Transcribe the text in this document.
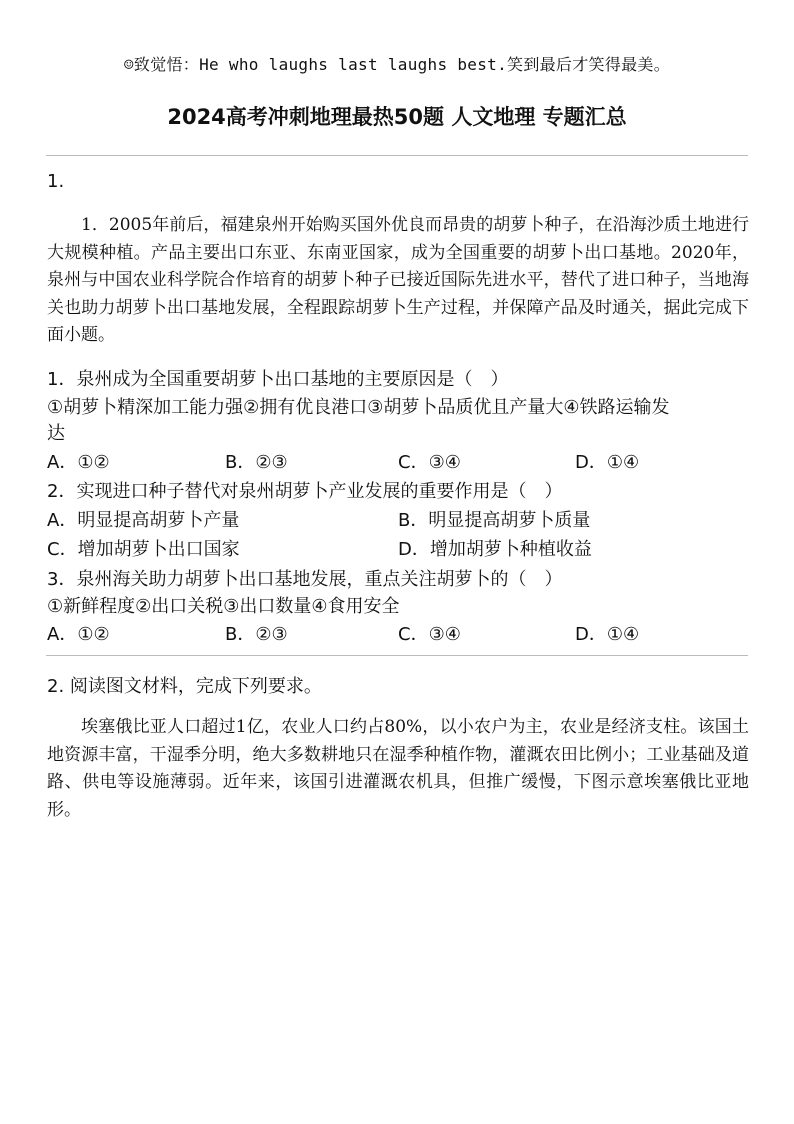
☺致觉悟：He who laughs last laughs best.笑到最后才笑得最美。
2024高考冲刺地理最热50题 人文地理 专题汇总
1.

1．2005年前后，福建泉州开始购买国外优良而昂贵的胡萝卜种子，在沿海沙质土地进行大规模种植。产品主要出口东亚、东南亚国家，成为全国重要的胡萝卜出口基地。2020年，泉州与中国农业科学院合作培育的胡萝卜种子已接近国际先进水平，替代了进口种子，当地海关也助力胡萝卜出口基地发展，全程跟踪胡萝卜生产过程，并保障产品及时通关，据此完成下面小题。

1．泉州成为全国重要胡萝卜出口基地的主要原因是（　）
①胡萝卜精深加工能力强②拥有优良港口③胡萝卜品质优且产量大④铁路运输发
达
A．①②	B．②③	C．③④	D．①④
2．实现进口种子替代对泉州胡萝卜产业发展的重要作用是（　）
A．明显提高胡萝卜产量	B．明显提高胡萝卜质量
C．增加胡萝卜出口国家	D．增加胡萝卜种植收益
3．泉州海关助力胡萝卜出口基地发展，重点关注胡萝卜的（　）
①新鲜程度②出口关税③出口数量④食用安全
A．①②	B．②③	C．③④	D．①④
2. 阅读图文材料，完成下列要求。

埃塞俄比亚人口超过1亿，农业人口约占80%，以小农户为主，农业是经济支柱。该国土地资源丰富，干湿季分明，绝大多数耕地只在湿季种植作物，灌溉农田比例小；工业基础及道路、供电等设施薄弱。近年来，该国引进灌溉农机具，但推广缓慢，下图示意埃塞俄比亚地形。
